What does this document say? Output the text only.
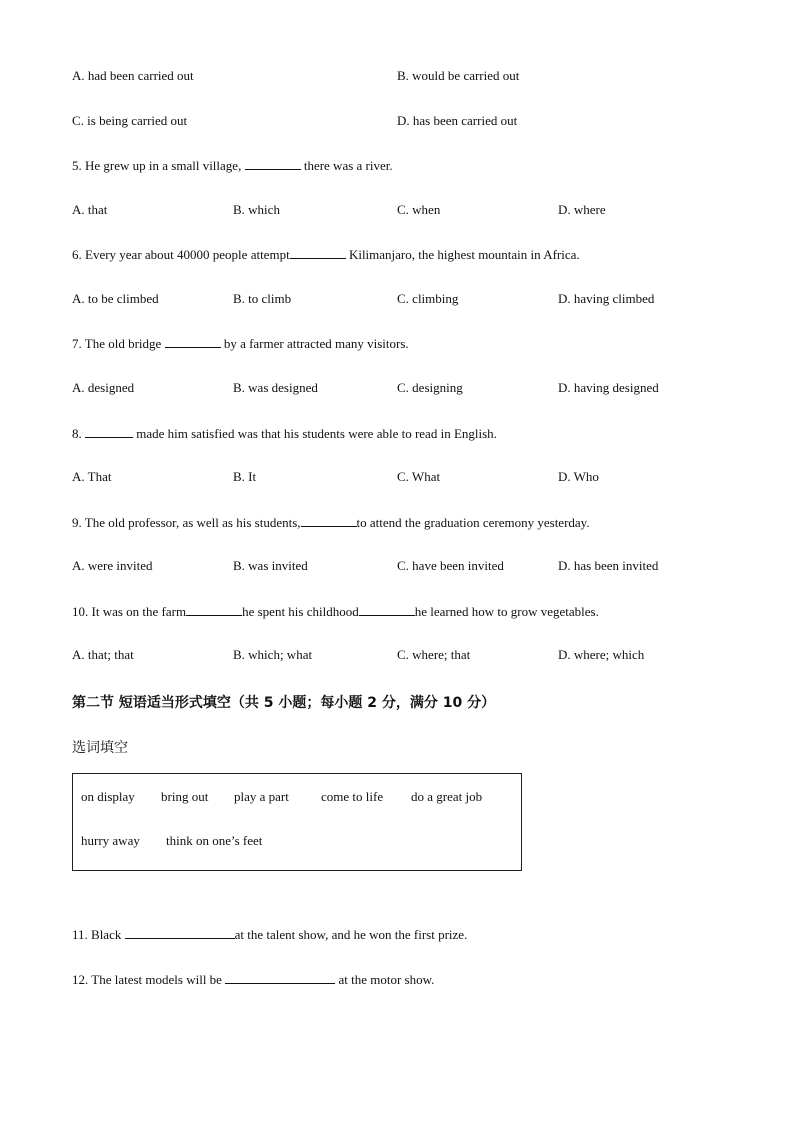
A. had been carried out	B. would be carried out
C. is being carried out	D. has been carried out
5. He grew up in a small village,	there was a river.
A. that	B. which	C. when	D. where
6. Every year about 40000 people attempt	Kilimanjaro, the highest mountain in Africa.
A. to be climbed	B. to climb	C. climbing	D. having climbed
7. The old bridge	by a farmer attracted many visitors.
A. designed	B. was designed	C. designing	D. having designed
8.	made him satisfied was that his students were able to read in English.
A. That	B. It	C. What	D. Who
9. The old professor, as well as his students,	to attend the graduation ceremony yesterday.
A. were invited	B. was invited	C. have been invited	D. has been invited
10. It was on the farm	he spent his childhood	he learned how to grow vegetables.
A. that; that	B. which; what	C. where; that	D. where; which
第二节 短语适当形式填空（共 5 小题；每小题 2 分，满分 10 分）
选词填空
on display bring out play a part come to life do a great job
hurry away think on one’s feet
11. Black	at the talent show, and he won the first prize.
12. The latest models will be	at the motor show.
